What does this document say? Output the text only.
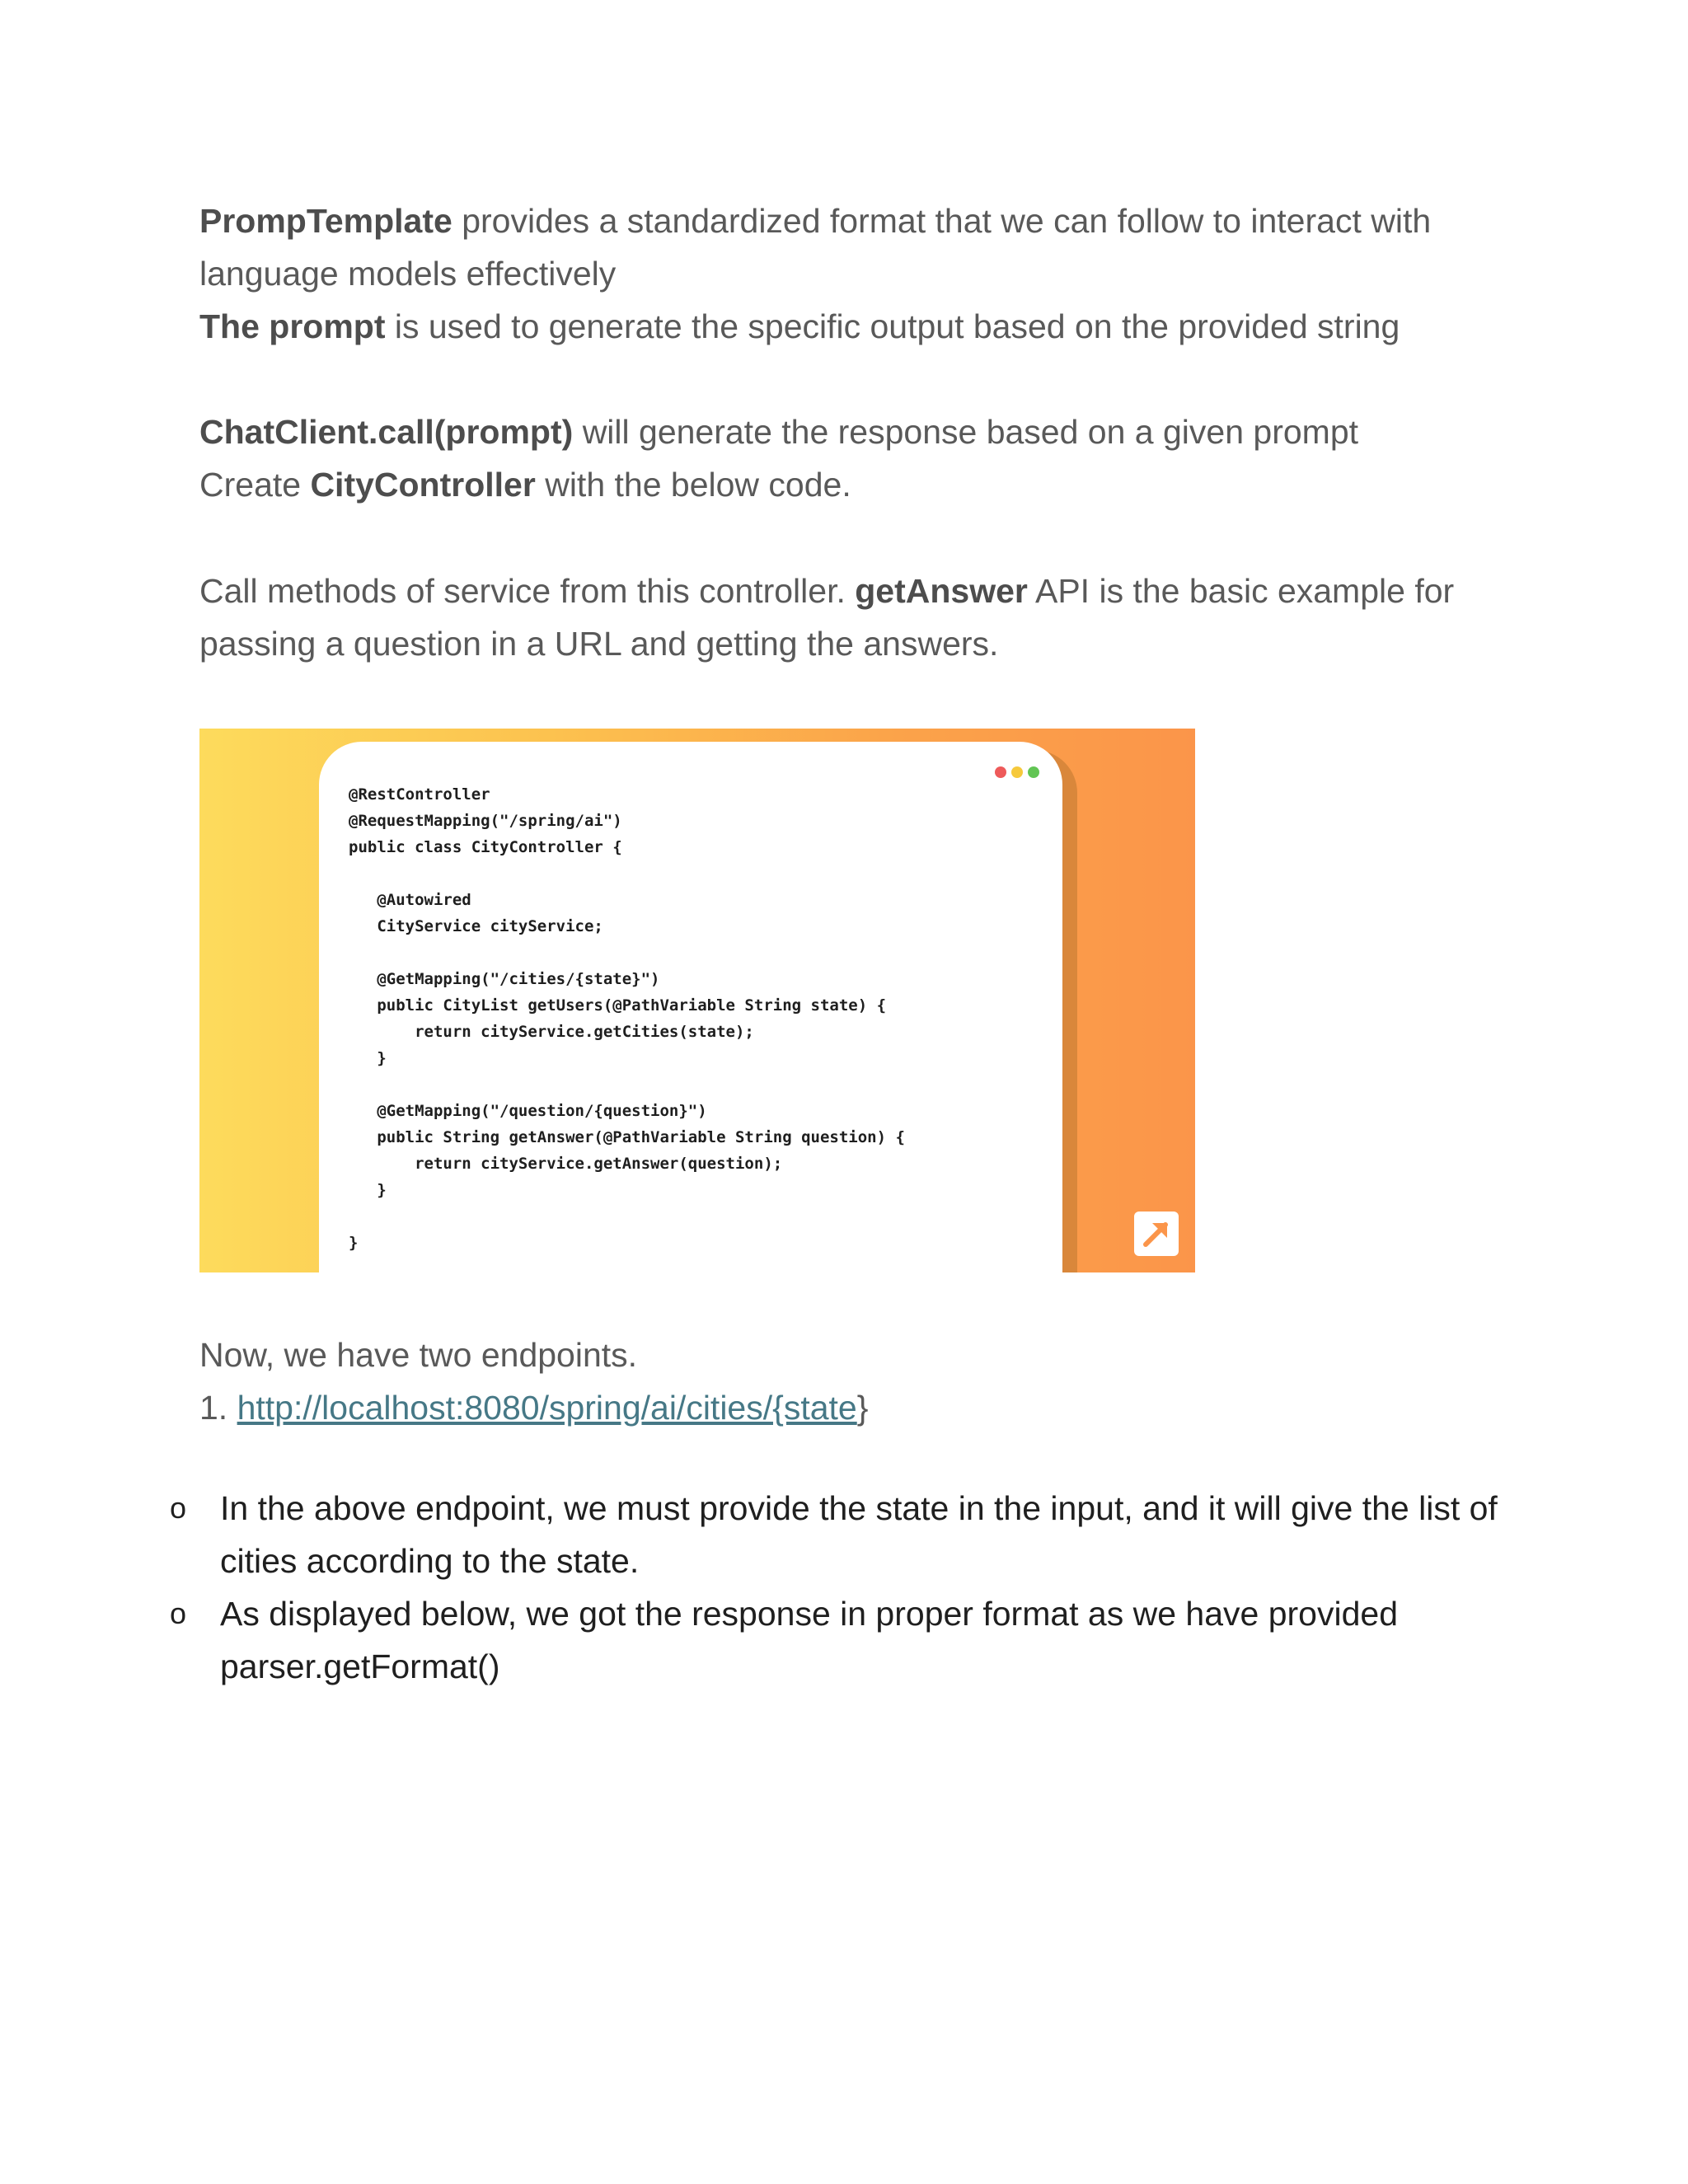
PrompTemplate provides a standardized format that we can follow to interact with language models effectively
The prompt is used to generate the specific output based on the provided string

ChatClient.call(prompt) will generate the response based on a given prompt
Create CityController with the below code.

Call methods of service from this controller. getAnswer API is the basic example for passing a question in a URL and getting the answers.

@RestController
@RequestMapping("/spring/ai")
public class CityController {

@Autowired
CityService cityService;

@GetMapping("/cities/{state}")
public CityList getUsers(@PathVariable String state) {
return cityService.getCities(state);
}

@GetMapping("/question/{question}")
public String getAnswer(@PathVariable String question) {
return cityService.getAnswer(question);
}

}

Now, we have two endpoints.

1. http://localhost:8080/spring/ai/cities/{state}
o In the above endpoint, we must provide the state in the input, and it will give the list of cities according to the state.

o As displayed below, we got the response in proper format as we have provided parser.getFormat()
